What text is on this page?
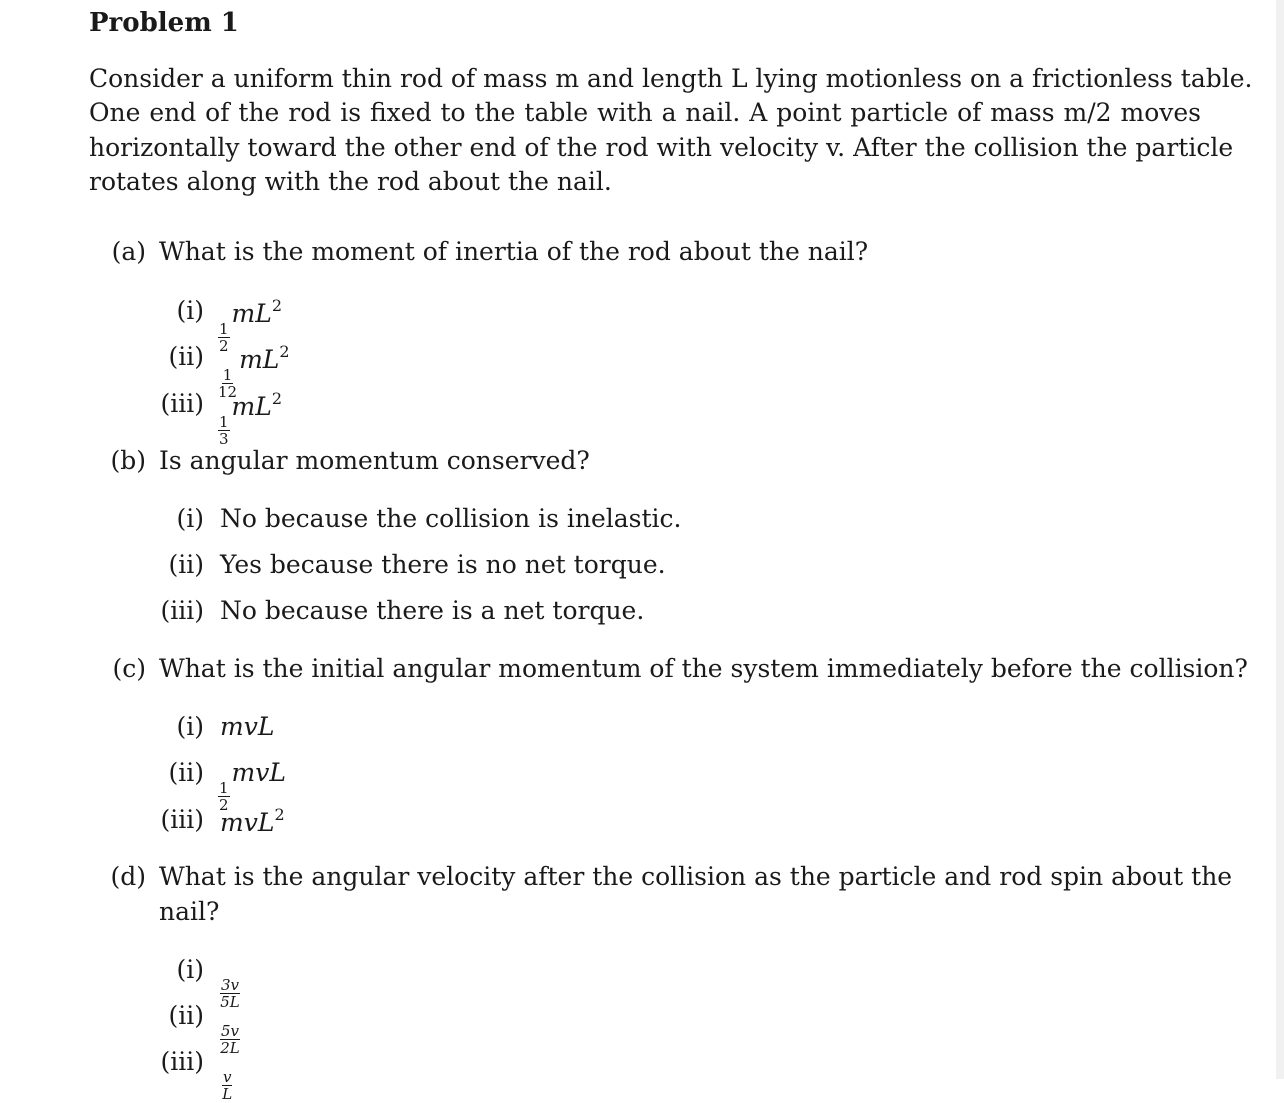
Problem 1
Consider a uniform thin rod of mass m and length L lying motionless on a frictionless table.
One end of the rod is fixed to the table with a nail. A point particle of mass m/2 moves
horizontally toward the other end of the rod with velocity v. After the collision the particle
rotates along with the rod about the nail.
(a) What is the moment of inertia of the rod about the nail?
(i)
$\frac{1}{2}$
$mL^2$
(ii)
$\frac{1}{12}$
$mL^2$
(iii)
$\frac{1}{3}$
$mL^2$
(b) Is angular momentum conserved?
(i) No because the collision is inelastic.
(ii) Yes because there is no net torque.
(iii) No because there is a net torque.
(c) What is the initial angular momentum of the system immediately before the collision?
(i) mvL
(ii)
$\frac{1}{2}$
mvL
(iii) mvL$^2$
(d) What is the angular velocity after the collision as the particle and rod spin about the
nail?
(i)
$\frac{3v}{5L}$
(ii)
$\frac{5v}{2L}$
(iii)
$\frac{v}{L}$
